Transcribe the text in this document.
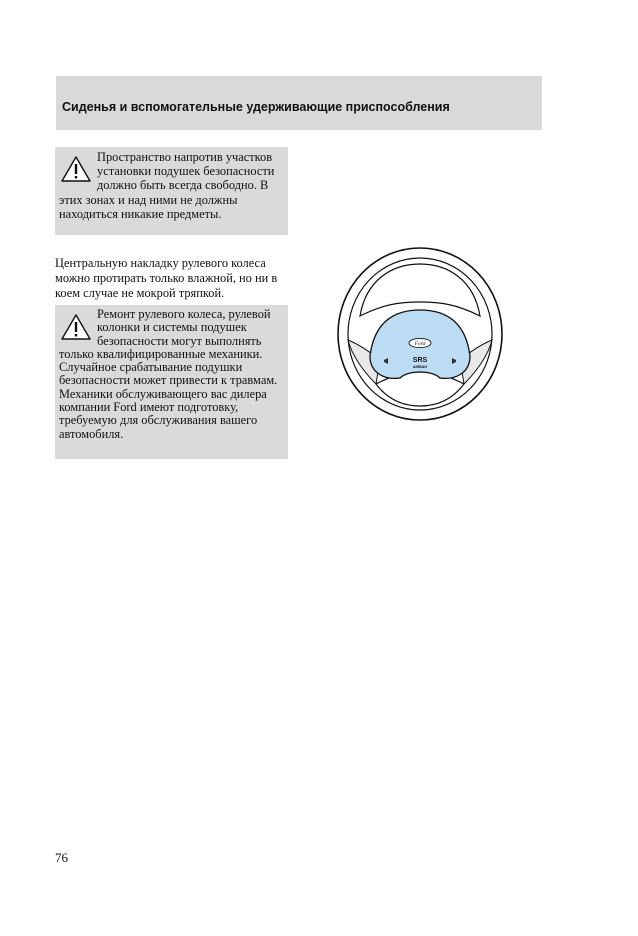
Сиденья и вспомогательные удерживающие приспособления

Пространство напротив участков установки подушек безопасности должно быть всегда свободно. В этих зонах и над ними не должны находиться никакие предметы.

Центральную накладку рулевого колеса можно протирать только влажной, но ни в коем случае не мокрой тряпкой.

Ремонт рулевого колеса, рулевой колонки и системы подушек безопасности могут выполнять только квалифицированные механики. Случайное срабатывание подушки безопасности может привести к травмам. Механики обслуживающего вас дилера компании Ford имеют подготовку, требуемую для обслуживания вашего автомобиля.

Ford
SRS
AIRBAG
76
